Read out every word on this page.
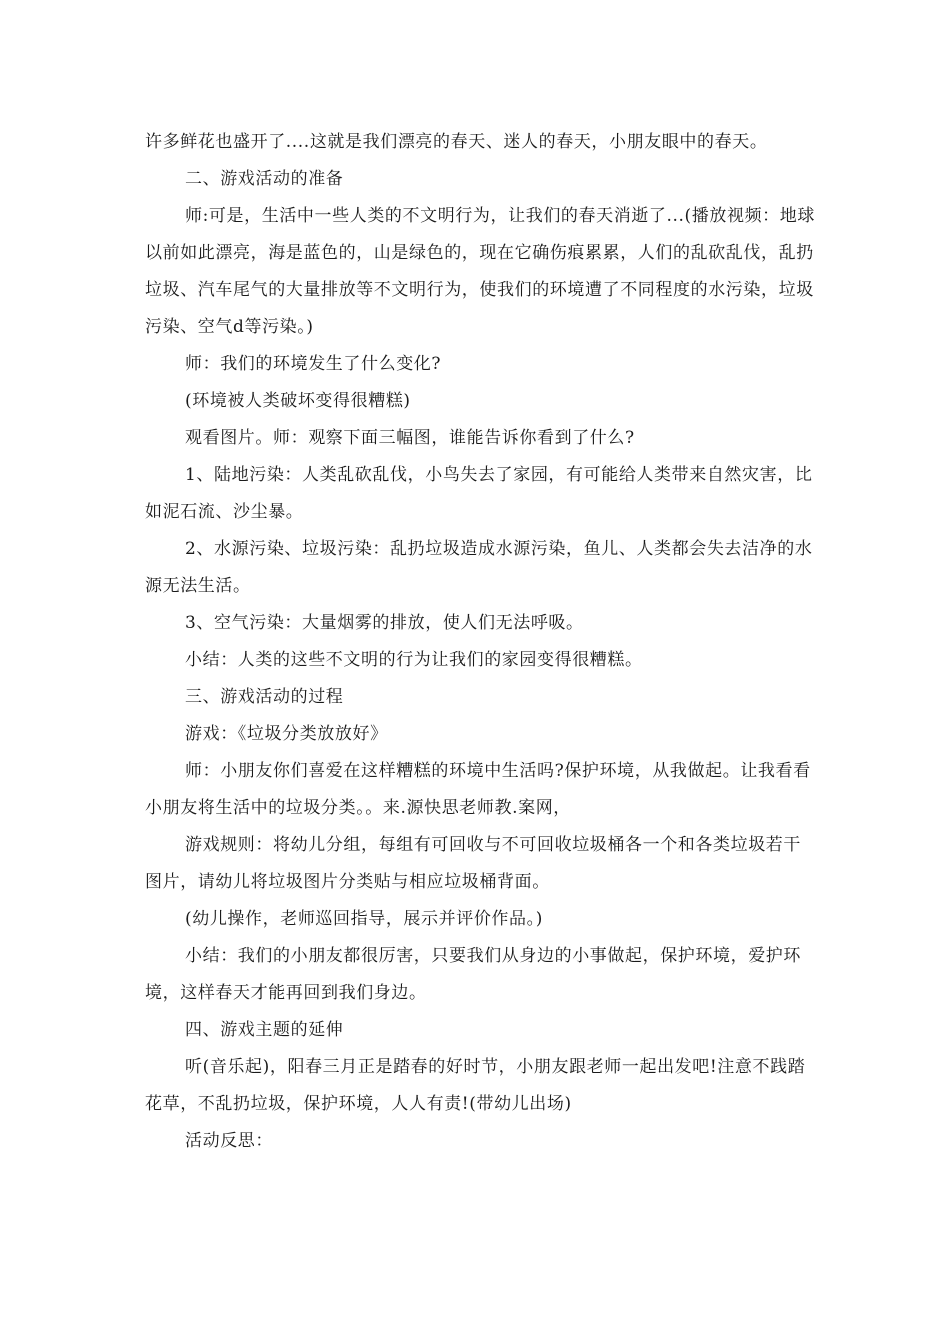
许多鲜花也盛开了....这就是我们漂亮的春天、迷人的春天，小朋友眼中的春天。

二、游戏活动的准备

师:可是，生活中一些人类的不文明行为，让我们的春天消逝了...(播放视频：地球以前如此漂亮，海是蓝色的，山是绿色的，现在它确伤痕累累，人们的乱砍乱伐，乱扔垃圾、汽车尾气的大量排放等不文明行为，使我们的环境遭了不同程度的水污染，垃圾污染、空气d等污染。)

师：我们的环境发生了什么变化?

(环境被人类破坏变得很糟糕)

观看图片。师：观察下面三幅图，谁能告诉你看到了什么?

1、陆地污染：人类乱砍乱伐，小鸟失去了家园，有可能给人类带来自然灾害，比如泥石流、沙尘暴。

2、水源污染、垃圾污染：乱扔垃圾造成水源污染，鱼儿、人类都会失去洁净的水源无法生活。

3、空气污染：大量烟雾的排放，使人们无法呼吸。

小结：人类的这些不文明的行为让我们的家园变得很糟糕。

三、游戏活动的过程

游戏：《垃圾分类放放好》

师：小朋友你们喜爱在这样糟糕的环境中生活吗?保护环境，从我做起。让我看看小朋友将生活中的垃圾分类。。来.源快思老师教.案网，

游戏规则：将幼儿分组，每组有可回收与不可回收垃圾桶各一个和各类垃圾若干图片，请幼儿将垃圾图片分类贴与相应垃圾桶背面。

(幼儿操作，老师巡回指导，展示并评价作品。)

小结：我们的小朋友都很厉害，只要我们从身边的小事做起，保护环境，爱护环境，这样春天才能再回到我们身边。

四、游戏主题的延伸

听(音乐起)，阳春三月正是踏春的好时节，小朋友跟老师一起出发吧!注意不践踏花草，不乱扔垃圾，保护环境，人人有责!(带幼儿出场)

活动反思：
